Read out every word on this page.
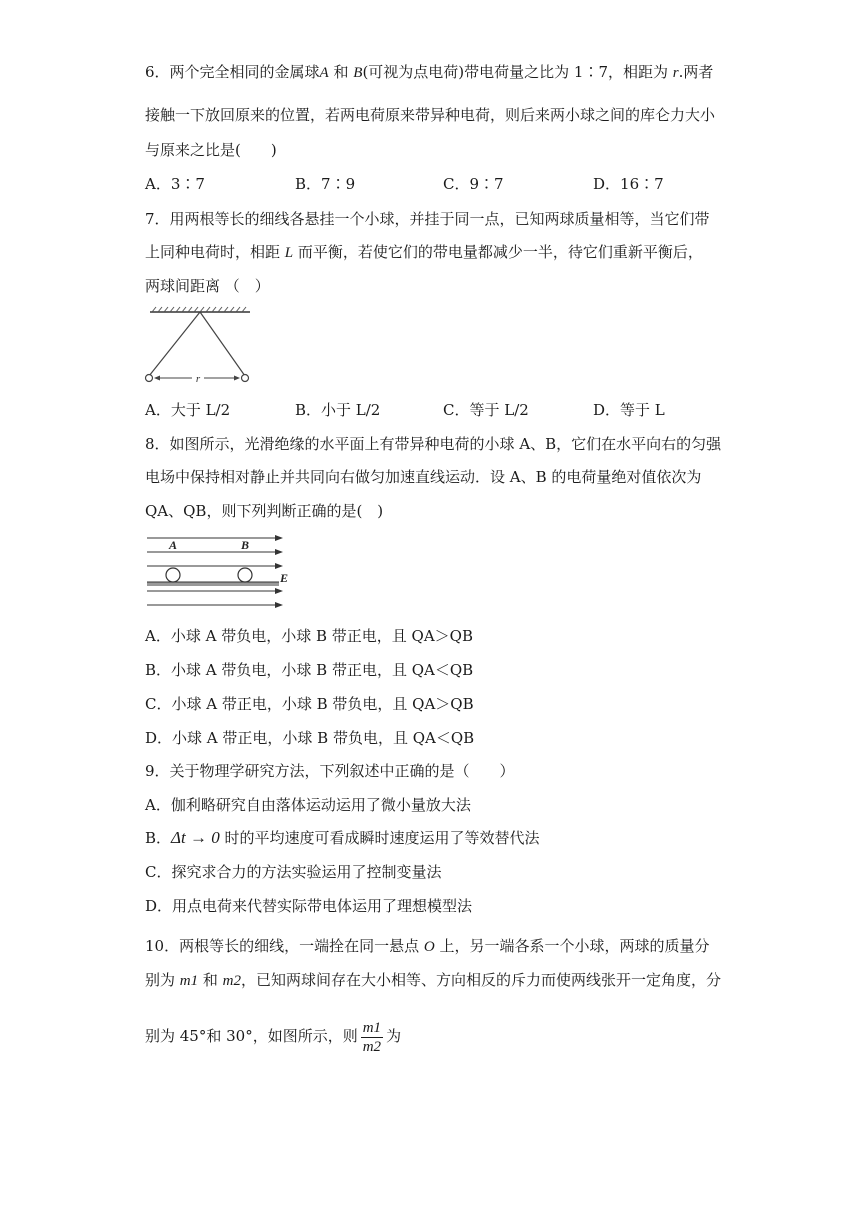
6．两个完全相同的金属球A 和 B(可视为点电荷)带电荷量之比为 1∶7，相距为 r.两者
接触一下放回原来的位置，若两电荷原来带异种电荷，则后来两小球之间的库仑力大小
与原来之比是(　　)
A．3∶7	B．7∶9	C．9∶7	D．16∶7
7．用两根等长的细线各悬挂一个小球，并挂于同一点，已知两球质量相等，当它们带
上同种电荷时，相距 L 而平衡，若使它们的带电量都减少一半，待它们重新平衡后，
两球间距离 （　）
r
A．大于 L/2	B．小于 L/2	C．等于 L/2	D．等于 L
8．如图所示，光滑绝缘的水平面上有带异种电荷的小球 A、B，它们在水平向右的匀强
电场中保持相对静止并共同向右做匀加速直线运动．设 A、B 的电荷量绝对值依次为
QA、QB，则下列判断正确的是(　)
A	B
E
A．小球 A 带负电，小球 B 带正电，且 QA＞QB
B．小球 A 带负电，小球 B 带正电，且 QA＜QB
C．小球 A 带正电，小球 B 带负电，且 QA＞QB
D．小球 A 带正电，小球 B 带负电，且 QA＜QB
9．关于物理学研究方法，下列叙述中正确的是（　　）
A．伽利略研究自由落体运动运用了微小量放大法
B．Δt → 0 时的平均速度可看成瞬时速度运用了等效替代法
C．探究求合力的方法实验运用了控制变量法
D．用点电荷来代替实际带电体运用了理想模型法
10．两根等长的细线，一端拴在同一悬点 O 上，另一端各系一个小球，两球的质量分
别为 m1 和 m2，已知两球间存在大小相等、方向相反的斥力而使两线张开一定角度，分
别为 45°和 30°，如图所示，则 $\frac{m1}{m2}$ 为
